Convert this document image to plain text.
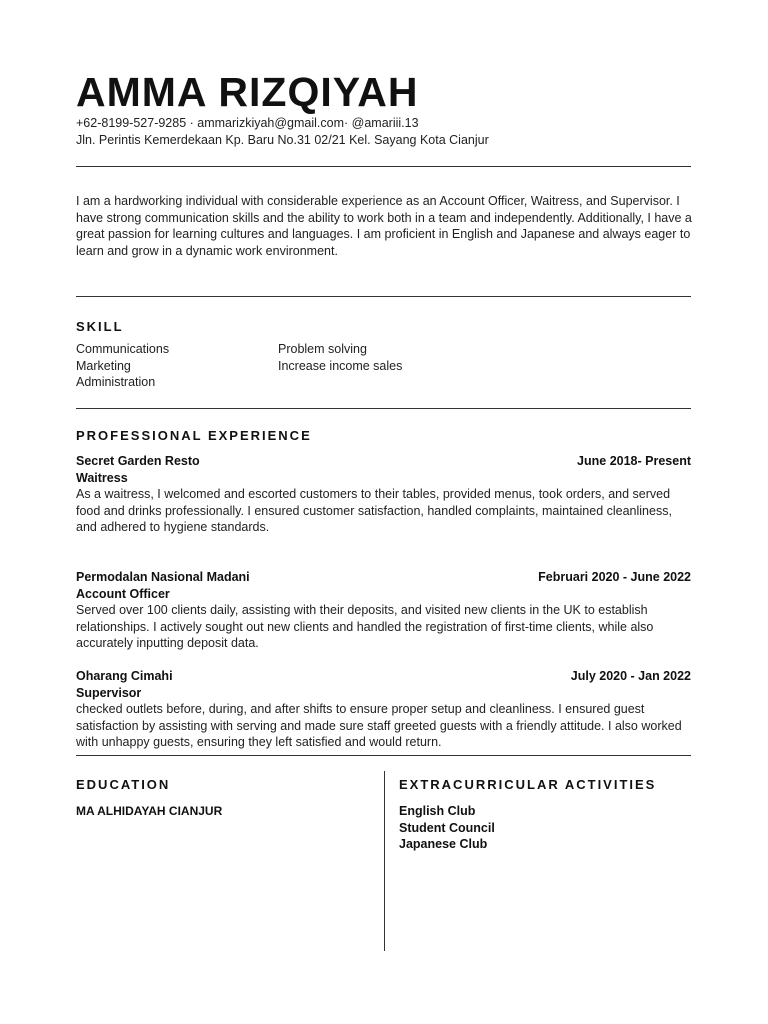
AMMA RIZQIYAH
+62-8199-527-9285 · ammarizkiyah@gmail.com· @amariii.13
Jln. Perintis Kemerdekaan Kp. Baru No.31 02/21 Kel. Sayang Kota Cianjur

I am a hardworking individual with considerable experience as an Account Officer, Waitress, and Supervisor. I have strong communication skills and the ability to work both in a team and independently. Additionally, I have a great passion for learning cultures and languages. I am proficient in English and Japanese and always eager to learn and grow in a dynamic work environment.

SKILL
Communications	Problem solving
Marketing	Increase income sales
Administration
PROFESSIONAL EXPERIENCE
Secret Garden Resto	June 2018- Present
Waitress

As a waitress, I welcomed and escorted customers to their tables, provided menus, took orders, and served food and drinks professionally. I ensured customer satisfaction, handled complaints, maintained cleanliness, and adhered to hygiene standards.

Permodalan Nasional Madani	Februari 2020 - June 2022
Account Officer

Served over 100 clients daily, assisting with their deposits, and visited new clients in the UK to establish relationships. I actively sought out new clients and handled the registration of first-time clients, while also accurately inputting deposit data.

Oharang Cimahi	July 2020 - Jan 2022
Supervisor

checked outlets before, during, and after shifts to ensure proper setup and cleanliness. I ensured guest satisfaction by assisting with serving and made sure staff greeted guests with a friendly attitude. I also worked with unhappy guests, ensuring they left satisfied and would return.

EDUCATION
MA ALHIDAYAH CIANJUR
EXTRACURRICULAR ACTIVITIES
English Club
Student Council
Japanese Club
